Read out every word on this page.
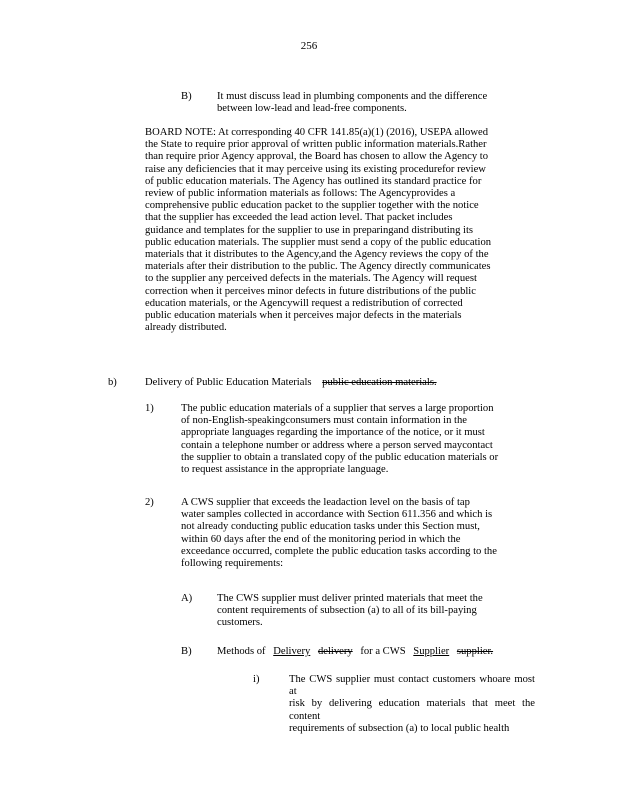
256
B) It must discuss lead in plumbing components and the difference
between low-lead and lead-free components.
BOARD NOTE: At corresponding 40 CFR 141.85(a)(1) (2016), USEPA allowed
the State to require prior approval of written public information materials.Rather
than require prior Agency approval, the Board has chosen to allow the Agency to
raise any deficiencies that it may perceive using its existing procedurefor review
of public education materials. The Agency has outlined its standard practice for
review of public information materials as follows: The Agencyprovides a
comprehensive public education packet to the supplier together with the notice
that the supplier has exceeded the lead action level. That packet includes
guidance and templates for the supplier to use in preparingand distributing its
public education materials. The supplier must send a copy of the public education
materials that it distributes to the Agency,and the Agency reviews the copy of the
materials after their distribution to the public. The Agency directly communicates
to the supplier any perceived defects in the materials. The Agency will request
correction when it perceives minor defects in future distributions of the public
education materials, or the Agencywill request a redistribution of corrected
public education materials when it perceives major defects in the materials
already distributed.
b)	Delivery of Public Education Materials public education materials.
1)	The public education materials of a supplier that serves a large proportion
of non-English-speakingconsumers must contain information in the
appropriate languages regarding the importance of the notice, or it must
contain a telephone number or address where a person served maycontact
the supplier to obtain a translated copy of the public education materials or
to request assistance in the appropriate language.
2)	A CWS supplier that exceeds the leadaction level on the basis of tap
water samples collected in accordance with Section 611.356 and which is
not already conducting public education tasks under this Section must,
within 60 days after the end of the monitoring period in which the
exceedance occurred, complete the public education tasks according to the
following requirements:
A) The CWS supplier must deliver printed materials that meet the
content requirements of subsection (a) to all of its bill-paying
customers.
B) Methods of Delivery delivery for a CWS Supplier supplier.
i)	The CWS supplier must contact customers whoare most at
risk by delivering education materials that meet the content
requirements of subsection (a) to local public health
